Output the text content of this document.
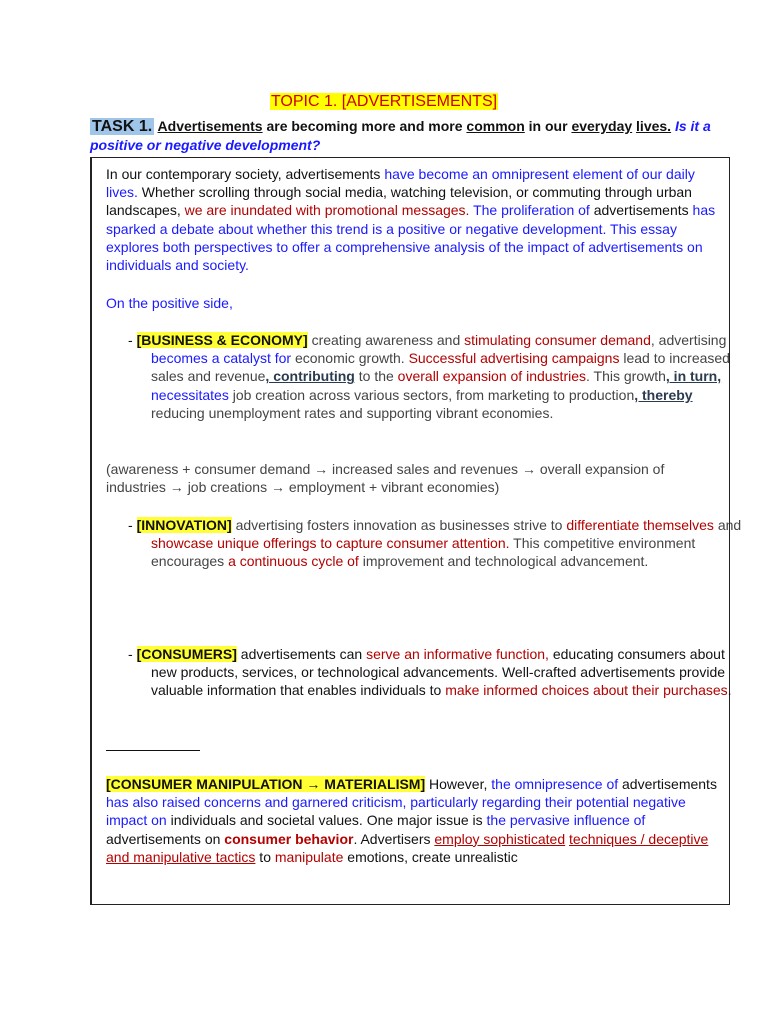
TOPIC 1. [ADVERTISEMENTS]
TASK 1. Advertisements are becoming more and more common in our everyday lives. Is it a positive or negative development?

In our contemporary society, advertisements have become an omnipresent element of our daily lives. Whether scrolling through social media, watching television, or commuting through urban landscapes, we are inundated with promotional messages. The proliferation of advertisements has sparked a debate about whether this trend is a positive or negative development. This essay explores both perspectives to offer a comprehensive analysis of the impact of advertisements on individuals and society.

On the positive side,

- [BUSINESS & ECONOMY] creating awareness and stimulating consumer demand, advertising becomes a catalyst for economic growth. Successful advertising campaigns lead to increased sales and revenue, contributing to the overall expansion of industries. This growth, in turn, necessitates job creation across various sectors, from marketing to production, thereby reducing unemployment rates and supporting vibrant economies.

(awareness + consumer demand → increased sales and revenues → overall expansion of industries → job creations → employment + vibrant economies)

- [INNOVATION] advertising fosters innovation as businesses strive to differentiate themselves and showcase unique offerings to capture consumer attention. This competitive environment encourages a continuous cycle of improvement and technological advancement.

- [CONSUMERS] advertisements can serve an informative function, educating consumers about new products, services, or technological advancements. Well-crafted advertisements provide valuable information that enables individuals to make informed choices about their purchases.

[CONSUMER MANIPULATION → MATERIALISM] However, the omnipresence of advertisements has also raised concerns and garnered criticism, particularly regarding their potential negative impact on individuals and societal values. One major issue is the pervasive influence of advertisements on consumer behavior. Advertisers employ sophisticated techniques / deceptive and manipulative tactics to manipulate emotions, create unrealistic
